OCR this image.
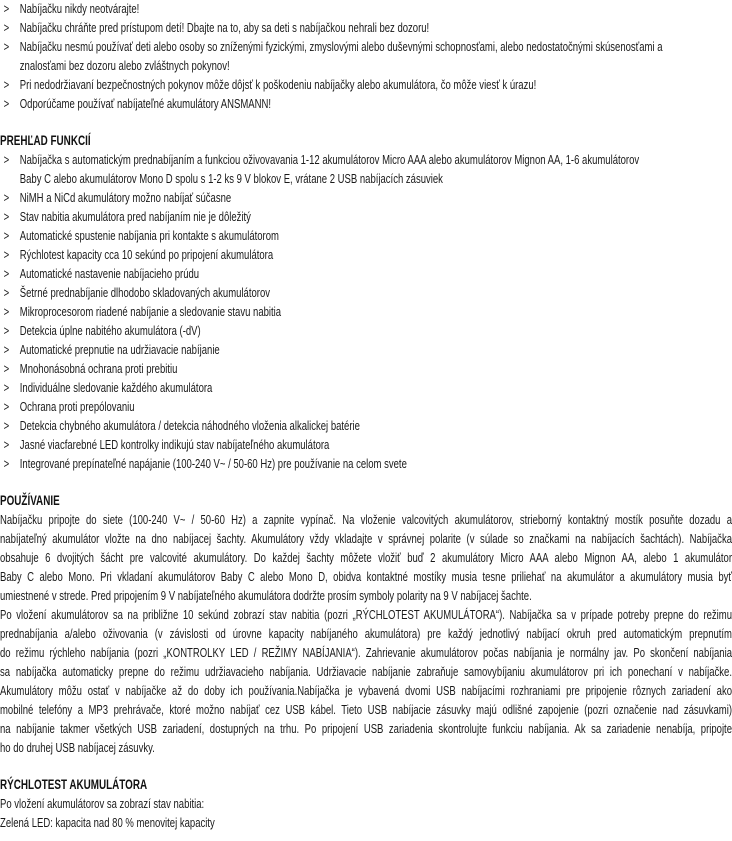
> Nabíjačku nikdy neotvárajte!
> Nabíjačku chráňte pred prístupom detí! Dbajte na to, aby sa deti s nabíjačkou nehrali bez dozoru!
> Nabíjačku nesmú používať deti alebo osoby so zníženými fyzickými, zmyslovými alebo duševnými schopnosťami, alebo nedostatočnými skúsenosťami a
znalosťami bez dozoru alebo zvláštnych pokynov!
> Pri nedodržiavaní bezpečnostných pokynov môže dôjsť k poškodeniu nabíjačky alebo akumulátora, čo môže viesť k úrazu!
> Odporúčame používať nabíjateľné akumulátory ANSMANN!
PREHĽAD FUNKCIÍ
> Nabíjačka s automatickým prednabíjaním a funkciou oživovavania 1-12 akumulátorov Micro AAA alebo akumulátorov Mignon AA, 1-6 akumulátorov
Baby C alebo akumulátorov Mono D spolu s 1-2 ks 9 V blokov E, vrátane 2 USB nabíjacích zásuviek
> NiMH a NiCd akumulátory možno nabíjať súčasne
> Stav nabitia akumulátora pred nabíjaním nie je dôležitý
> Automatické spustenie nabíjania pri kontakte s akumulátorom
> Rýchlotest kapacity cca 10 sekúnd po pripojení akumulátora
> Automatické nastavenie nabíjacieho prúdu
> Šetrné prednabíjanie dlhodobo skladovaných akumulátorov
> Mikroprocesorom riadené nabíjanie a sledovanie stavu nabitia
> Detekcia úplne nabitého akumulátora (-dV)
> Automatické prepnutie na udržiavacie nabíjanie
> Mnohonásobná ochrana proti prebitiu
> Individuálne sledovanie každého akumulátora
> Ochrana proti prepólovaniu
> Detekcia chybného akumulátora / detekcia náhodného vloženia alkalickej batérie
> Jasné viacfarebné LED kontrolky indikujú stav nabíjateľného akumulátora
> Integrované prepínateľné napájanie (100-240 V~ / 50-60 Hz) pre používanie na celom svete
POUŽÍVANIE
Nabíjačku pripojte do siete (100-240 V~ / 50-60 Hz) a zapnite vypínač. Na vloženie valcovitých akumulátorov, strieborný kontaktný mostík posuňte dozadu a
nabíjateľný akumulátor vložte na dno nabíjacej šachty. Akumulátory vždy vkladajte v správnej polarite (v súlade so značkami na nabíjacích šachtách). Nabíjačka
obsahuje 6 dvojitých šácht pre valcovité akumulátory. Do každej šachty môžete vložiť buď 2 akumulátory Micro AAA alebo Mignon AA, alebo 1 akumulátor
Baby C alebo Mono. Pri vkladaní akumulátorov Baby C alebo Mono D, obidva kontaktné mostíky musia tesne priliehať na akumulátor a akumulátory musia byť
umiestnené v strede. Pred pripojením 9 V nabíjateľného akumulátora dodržte prosím symboly polarity na 9 V nabíjacej šachte.
Po vložení akumulátorov sa na približne 10 sekúnd zobrazí stav nabitia (pozri „RÝCHLOTEST AKUMULÁTORA“). Nabíjačka sa v prípade potreby prepne do režimu
prednabíjania a/alebo oživovania (v závislosti od úrovne kapacity nabíjaného akumulátora) pre každý jednotlivý nabíjací okruh pred automatickým prepnutím
do režimu rýchleho nabíjania (pozri „KONTROLKY LED / REŽIMY NABÍJANIA“). Zahrievanie akumulátorov počas nabíjania je normálny jav. Po skončení nabíjania
sa nabíjačka automaticky prepne do režimu udržiavacieho nabíjania. Udržiavacie nabíjanie zabraňuje samovybíjaniu akumulátorov pri ich ponechaní v nabíjačke.
Akumulátory môžu ostať v nabíjačke až do doby ich používania.Nabíjačka je vybavená dvomi USB nabíjacími rozhraniami pre pripojenie rôznych zariadení ako
mobilné telefóny a MP3 prehrávače, ktoré možno nabíjať cez USB kábel. Tieto USB nabíjacie zásuvky majú odlišné zapojenie (pozri označenie nad zásuvkami)
na nabíjanie takmer všetkých USB zariadení, dostupných na trhu. Po pripojení USB zariadenia skontrolujte funkciu nabíjania. Ak sa zariadenie nenabíja, pripojte
ho do druhej USB nabíjacej zásuvky.
RÝCHLOTEST AKUMULÁTORA
Po vložení akumulátorov sa zobrazí stav nabitia:
Zelená LED: kapacita nad 80 % menovitej kapacity
